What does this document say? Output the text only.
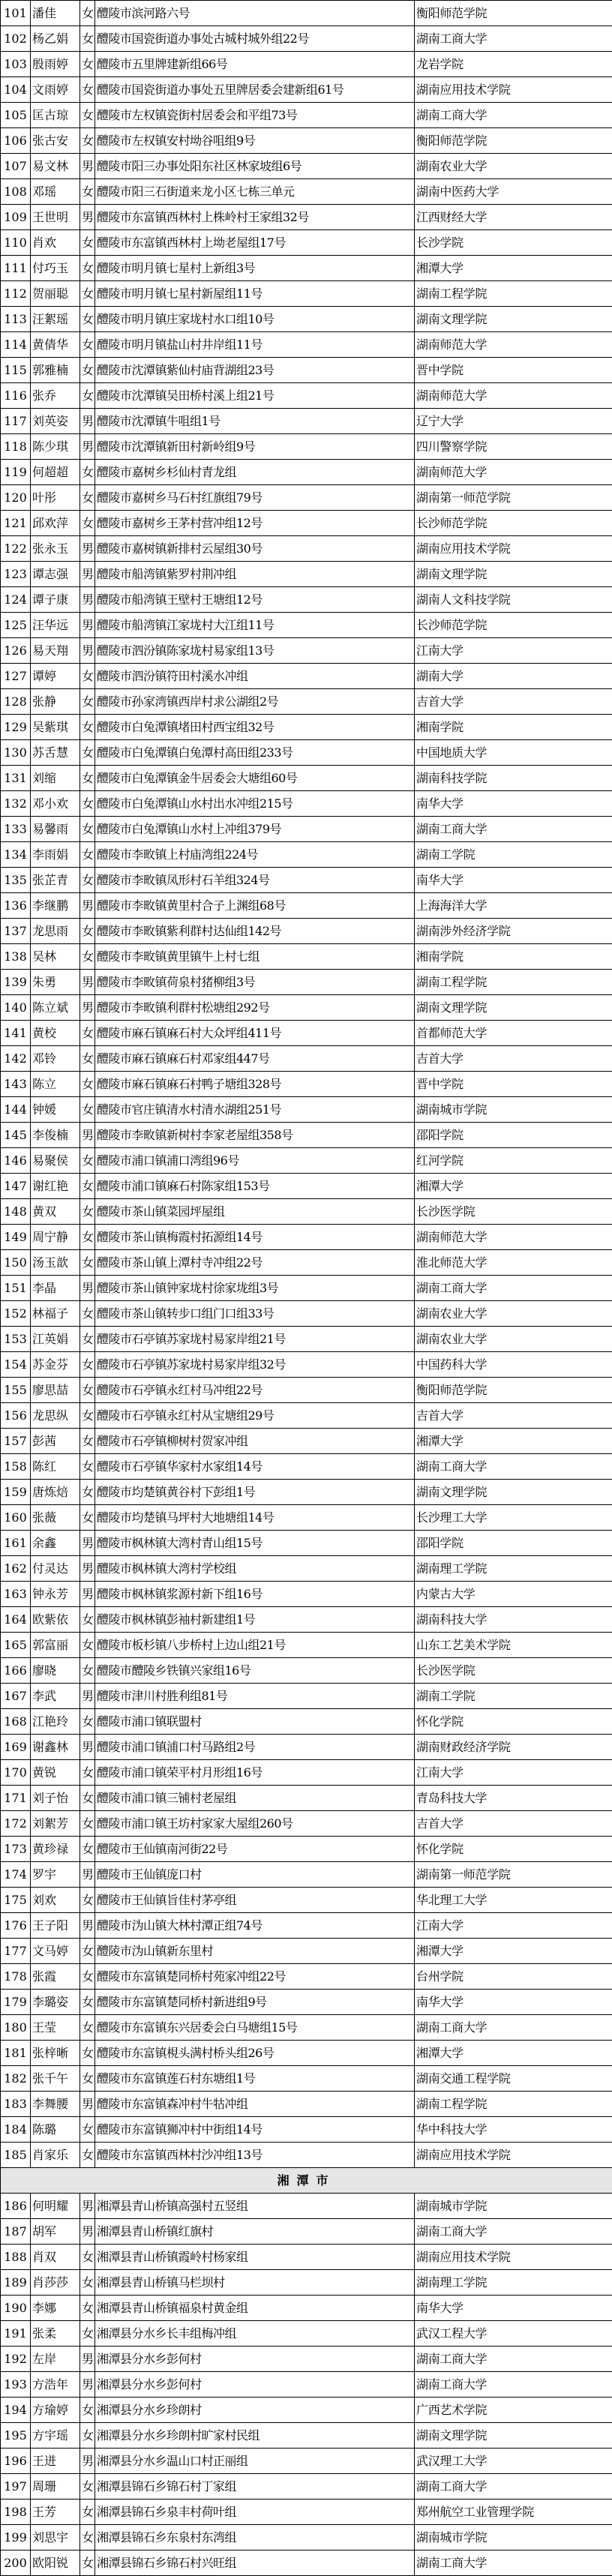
101	潘佳	女	醴陵市滨河路六号	衡阳师范学院
102	杨乙娟	女	醴陵市国瓷街道办事处古城村城外组22号	湖南工商大学
103	殷雨婷	女	醴陵市五里牌建新组66号	龙岩学院
104	文雨婷	女	醴陵市国瓷街道办事处五里牌居委会建新组61号	湖南应用技术学院
105	匡古琼	女	醴陵市左权镇瓷街村居委会和平组73号	湖南工商大学
106	张古安	女	醴陵市左权镇安村坳谷咀组9号	衡阳师范学院
107	易文林	男	醴陵市阳三办事处阳东社区林家坡组6号	湖南农业大学
108	邓瑶	女	醴陵市阳三石街道来龙小区七栋三单元	湖南中医药大学
109	王世明	男	醴陵市东富镇西林村上株岭村王家组32号	江西财经大学
110	肖欢	女	醴陵市东富镇西林村上坳老屋组17号	长沙学院
111	付巧玉	女	醴陵市明月镇七星村上新组3号	湘潭大学
112	贺丽聪	女	醴陵市明月镇七星村新屋组11号	湖南工程学院
113	汪絮瑶	女	醴陵市明月镇庄家垅村水口组10号	湖南文理学院
114	黄倩华	女	醴陵市明月镇盐山村井岸组11号	湖南师范大学
115	郭雅楠	女	醴陵市沈潭镇紫仙村庙背湖组23号	晋中学院
116	张乔	女	醴陵市沈潭镇吴田桥村溪上组21号	湖南师范大学
117	刘英姿	男	醴陵市沈潭镇牛咀组1号	辽宁大学
118	陈少琪	男	醴陵市沈潭镇新田村新岭组9号	四川警察学院
119	何超超	女	醴陵市嘉树乡杉仙村青龙组	湖南师范大学
120	叶彤	女	醴陵市嘉树乡马石村红旗组79号	湖南第一师范学院
121	邱欢萍	女	醴陵市嘉树乡王茅村营冲组12号	长沙师范学院
122	张永玉	男	醴陵市嘉树镇新排村云屋组30号	湖南应用技术学院
123	谭志强	男	醴陵市船湾镇紫罗村荆冲组	湖南文理学院
124	谭子康	男	醴陵市船湾镇王壁村王塘组12号	湖南人文科技学院
125	汪华远	男	醴陵市船湾镇江家垅村大江组11号	长沙师范学院
126	易天翔	男	醴陵市泗汾镇陈家垅村易家组13号	江南大学
127	谭婷	女	醴陵市泗汾镇符田村溪水冲组	湖南大学
128	张静	女	醴陵市孙家湾镇西岸村求公湖组2号	吉首大学
129	吴紫琪	女	醴陵市白兔潭镇堵田村西宝组32号	湘南学院
130	苏舌慧	女	醴陵市白兔潭镇白兔潭村高田组233号	中国地质大学
131	刘缩	女	醴陵市白兔潭镇金牛居委会大塘组60号	湖南科技学院
132	邓小欢	女	醴陵市白兔潭镇山水村出水冲组215号	南华大学
133	易馨雨	女	醴陵市白兔潭镇山水村上冲组379号	湖南工商大学
134	李雨娟	女	醴陵市李畋镇上村庙湾组224号	湖南工学院
135	张芷青	女	醴陵市李畋镇凤形村石羊组324号	南华大学
136	李继鹏	男	醴陵市李畋镇黄里村合子上渊组68号	上海海洋大学
137	龙思雨	女	醴陵市李畋镇紫利群村达仙组142号	湖南涉外经济学院
138	吴林	女	醴陵市李畋镇黄里镇牛上村七组	湘南学院
139	朱勇	男	醴陵市李畋镇荷泉村猪柳组3号	湖南工程学院
140	陈立斌	男	醴陵市李畋镇利群村松塘组292号	湖南文理学院
141	黄校	女	醴陵市麻石镇麻石村大众坪组411号	首都师范大学
142	邓铃	女	醴陵市麻石镇麻石村邓家组447号	吉首大学
143	陈立	女	醴陵市麻石镇麻石村鸭子塘组328号	晋中学院
144	钟媛	女	醴陵市官庄镇清水村清水湖组251号	湖南城市学院
145	李俊楠	男	醴陵市李畋镇新树村李家老屋组358号	邵阳学院
146	易聚侯	女	醴陵市浦口镇浦口湾组96号	红河学院
147	谢红艳	女	醴陵市浦口镇麻石村陈家组153号	湘潭大学
148	黄双	女	醴陵市茶山镇菜园坪屋组	长沙医学院
149	周宁静	女	醴陵市茶山镇梅霞村拓源组14号	湖南师范大学
150	汤玉歆	女	醴陵市茶山镇上潭村寺冲组22号	淮北师范大学
151	李晶	男	醴陵市茶山镇钟家垅村徐家垅组3号	湖南工商大学
152	林福子	女	醴陵市茶山镇转步口组门口组33号	湖南农业大学
153	江英娟	女	醴陵市石亭镇苏家垅村易家岸组21号	湖南农业大学
154	苏金芬	女	醴陵市石亭镇苏家垅村易家岸组32号	中国药科大学
155	廖思喆	女	醴陵市石亭镇永红村马冲组22号	衡阳师范学院
156	龙思纵	女	醴陵市石亭镇永红村从宝塘组29号	吉首大学
157	彭茜	女	醴陵市石亭镇柳树村贺家冲组	湘潭大学
158	陈红	女	醴陵市石亭镇华家村水家组14号	湖南工商大学
159	唐炼焙	女	醴陵市均楚镇黄谷村下彭组1号	湖南文理学院
160	张薇	女	醴陵市均楚镇马坪村大地塘组14号	长沙理工大学
161	余鑫	男	醴陵市枫林镇大湾村青山组15号	邵阳学院
162	付灵达	男	醴陵市枫林镇大湾村学校组	湖南理工学院
163	钟永芳	男	醴陵市枫林镇浆源村新下组16号	内蒙古大学
164	欧紫依	女	醴陵市枫林镇彭袖村新建组1号	湖南科技大学
165	郭富丽	女	醴陵市板杉镇八步桥村上边山组21号	山东工艺美术学院
166	廖晓	女	醴陵市醴陵乡铁镇兴家组16号	长沙医学院
167	李武	男	醴陵市津川村胜利组81号	湖南工学院
168	江艳玲	女	醴陵市浦口镇联盟村	怀化学院
169	谢鑫林	男	醴陵市浦口镇浦口村马路组2号	湖南财政经济学院
170	黄锐	女	醴陵市浦口镇荣平村月形组16号	江南大学
171	刘子怡	女	醴陵市浦口镇三铺村老屋组	青岛科技大学
172	刘絮芳	女	醴陵市浦口镇王坊村家家大屋组260号	吉首大学
173	黄珍禄	女	醴陵市王仙镇南河街22号	怀化学院
174	罗宇	男	醴陵市王仙镇庞口村	湖南第一师范学院
175	刘欢	女	醴陵市王仙镇旨佳村茅亭组	华北理工大学
176	王子阳	男	醴陵市沩山镇大林村潭正组74号	江南大学
177	文马婷	女	醴陵市沩山镇新东里村	湘潭大学
178	张霞	女	醴陵市东富镇楚同桥村苑家冲组22号	台州学院
179	李璐姿	女	醴陵市东富镇楚同桥村新进组9号	南华大学
180	王莹	女	醴陵市东富镇东兴居委会白马塘组15号	湖南工商大学
181	张梓晰	女	醴陵市东富镇梘头满村桥头组26号	湘潭大学
182	张千午	女	醴陵市东富镇莲石村东塘组1号	湖南交通工程学院
183	李舞腰	男	醴陵市东富镇森冲村牛牯冲组	湖南工程学院
184	陈璐	女	醴陵市东富镇狮冲村中街组14号	华中科技大学
185	肖家乐	女	醴陵市东富镇西林村沙冲组13号	湖南应用技术学院
湘潭市				
186	何明耀	男	湘潭县青山桥镇高强村五竖组	湖南城市学院
187	胡军	男	湘潭县青山桥镇红旗村	湖南工商大学
188	肖双	女	湘潭县青山桥镇霞岭村杨家组	湖南应用技术学院
189	肖莎莎	女	湘潭县青山桥镇马栏坝村	湖南理工学院
190	李娜	女	湘潭县青山桥镇福泉村黄金组	南华大学
191	张柔	女	湘潭县分水乡长丰组梅冲组	武汉工程大学
192	左岸	男	湘潭县分水乡彭何村	湖南工商大学
193	方浩年	男	湘潭县分水乡彭何村	湖南工商大学
194	方瑜婷	女	湘潭县分水乡珍朗村	广西艺术学院
195	方宇瑶	女	湘潭县分水乡珍朗村旷家村民组	湖南文理学院
196	王迸	男	湘潭县分水乡温山口村正丽组	武汉理工大学
197	周珊	女	湘潭县锦石乡锦石村丁家组	湖南工商大学
198	王芳	女	湘潭县锦石乡泉丰村荷叶组	郑州航空工业管理学院
199	刘思宇	女	湘潭县锦石乡东泉村东湾组	湖南城市学院
200	欧阳锐	女	湘潭县锦石乡锦石村兴旺组	湖南工商大学
